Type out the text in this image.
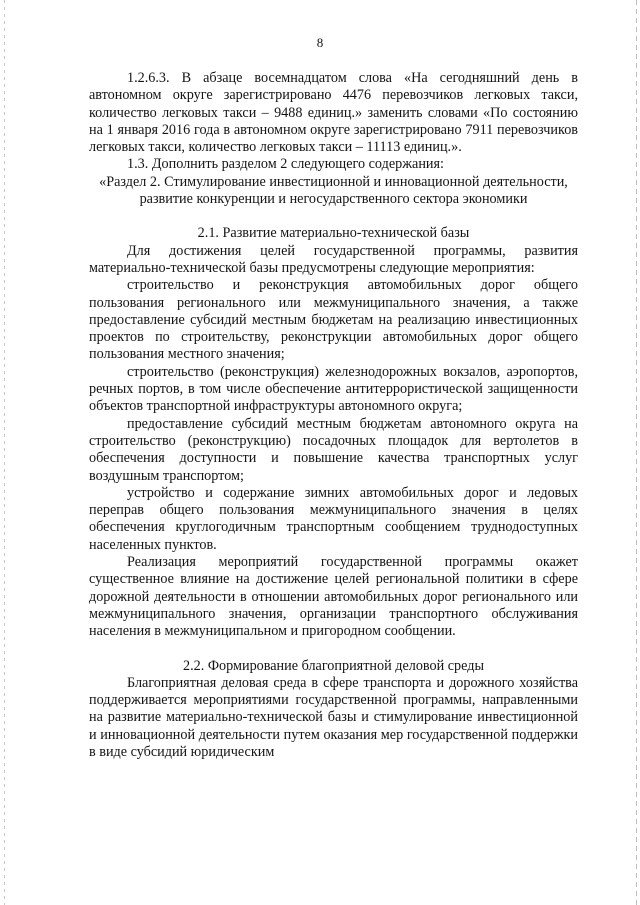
8

1.2.6.3. В абзаце восемнадцатом слова «На сегодняшний день в автономном округе зарегистрировано 4476 перевозчиков легковых такси, количество легковых такси – 9488 единиц.» заменить словами «По состоянию на 1 января 2016 года в автономном округе зарегистрировано 7911 перевозчиков легковых такси, количество легковых такси – 11113 единиц.».

1.3. Дополнить разделом 2 следующего содержания:

«Раздел 2. Стимулирование инвестиционной и инновационной деятельности, развитие конкуренции и негосударственного сектора экономики

2.1. Развитие материально-технической базы

Для достижения целей государственной программы, развития материально-технической базы предусмотрены следующие мероприятия:

строительство и реконструкция автомобильных дорог общего пользования регионального или межмуниципального значения, а также предоставление субсидий местным бюджетам на реализацию инвестиционных проектов по строительству, реконструкции автомобильных дорог общего пользования местного значения;

строительство (реконструкция) железнодорожных вокзалов, аэропортов, речных портов, в том числе обеспечение антитеррористической защищенности объектов транспортной инфраструктуры автономного округа;

предоставление субсидий местным бюджетам автономного округа на строительство (реконструкцию) посадочных площадок для вертолетов в обеспечения доступности и повышение качества транспортных услуг воздушным транспортом;

устройство и содержание зимних автомобильных дорог и ледовых переправ общего пользования межмуниципального значения в целях обеспечения круглогодичным транспортным сообщением труднодоступных населенных пунктов.

Реализация мероприятий государственной программы окажет существенное влияние на достижение целей региональной политики в сфере дорожной деятельности в отношении автомобильных дорог регионального или межмуниципального значения, организации транспортного обслуживания населения в межмуниципальном и пригородном сообщении.

2.2. Формирование благоприятной деловой среды

Благоприятная деловая среда в сфере транспорта и дорожного хозяйства поддерживается мероприятиями государственной программы, направленными на развитие материально-технической базы и стимулирование инвестиционной и инновационной деятельности путем оказания мер государственной поддержки в виде субсидий юридическим
